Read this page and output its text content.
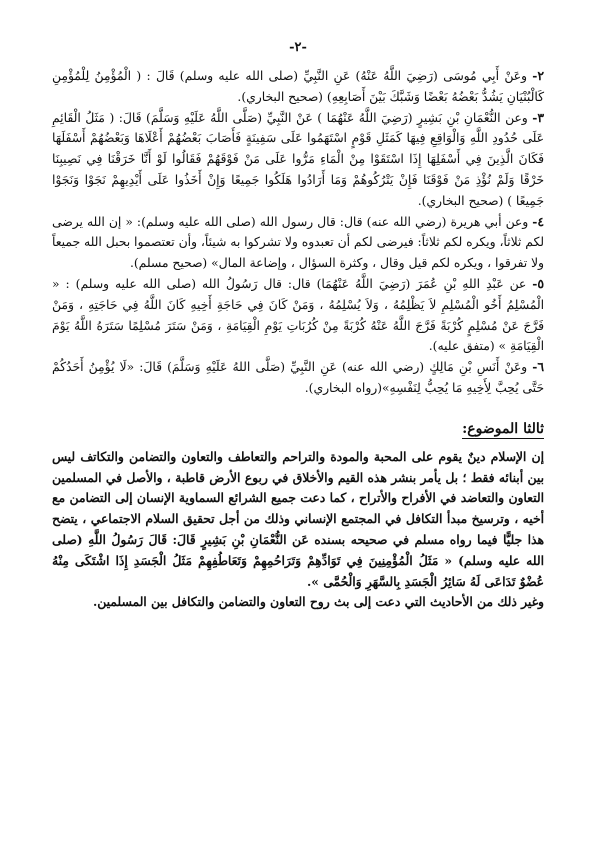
-٢-

٢- وعَنْ أَبِي مُوسَى (رَضِيَ اللَّهُ عَنْهُ) عَنِ النَّبِيِّ (صلى الله عليه وسلم) قَالَ : ( الْمُؤْمِنُ لِلْمُؤْمِنِ كَالْبُنْيَانِ يَشُدُّ بَعْضُهُ بَعْضًا وَشَبَّكَ بَيْنَ أَصَابِعِهِ) (صحيح البخاري).

٣- وعن النُّعْمَانِ بْنِ بَشِيرٍ (رَضِيَ اللَّهُ عَنْهُمَا ) عَنْ النَّبِيِّ (صَلَّى اللَّهُ عَلَيْهِ وَسَلَّمَ) قَالَ: ( مَثَلُ الْقَائِمِ عَلَى حُدُودِ اللَّهِ وَالْوَاقِعِ فِيهَا كَمَثَلِ قَوْمٍ اسْتَهَمُوا عَلَى سَفِينَةٍ فَأَصَابَ بَعْضُهُمْ أَعْلَاهَا وَبَعْضُهُمْ أَسْفَلَهَا فَكَانَ الَّذِينَ فِي أَسْفَلِهَا إِذَا اسْتَقَوْا مِنْ الْمَاءِ مَرُّوا عَلَى مَنْ فَوْقَهُمْ فَقَالُوا لَوْ أَنَّا خَرَقْنَا فِي نَصِيبِنَا خَرْقًا وَلَمْ نُؤْذِ مَنْ فَوْقَنَا فَإِنْ يَتْرُكُوهُمْ وَمَا أَرَادُوا هَلَكُوا جَمِيعًا وَإِنْ أَخَذُوا عَلَى أَيْدِيهِمْ نَجَوْا وَنَجَوْا جَمِيعًا ) (صحيح البخاري).

٤- وعن أبي هريرة (رضي الله عنه) قال: قال رسول الله (صلى الله عليه وسلم): « إن الله يرضى لكم ثلاثاً، ويكره لكم ثلاثاً: فيرضى لكم أن تعبدوه ولا تشركوا به شيئاً، وأن تعتصموا بحبل الله جميعاً ولا تفرقوا ، ويكره لكم قيل وقال ، وكثرة السؤال ، وإضاعة المال» (صحيح مسلم).

٥- عن عَبْدِ اللهِ بْنِ عُمَرَ (رَضِيَ اللَّهُ عَنْهُمَا) قال: قال رَسُولُ الله (صلى الله عليه وسلم) : « الْمُسْلِمُ أَخُو الْمُسْلِمِ لاَ يَظْلِمُهُ ، وَلاَ يُسْلِمُهُ ، وَمَنْ كَانَ فِي حَاجَةِ أَخِيهِ كَانَ اللَّهُ فِي حَاجَتِهِ ، وَمَنْ فَرَّجَ عَنْ مُسْلِمٍ كُرْبَةً فَرَّجَ اللَّهُ عَنْهُ كُرْبَةً مِنْ كُرُبَاتِ يَوْمِ الْقِيَامَةِ ، وَمَنْ سَتَرَ مُسْلِمًا سَتَرَهُ اللَّهُ يَوْمَ الْقِيَامَةِ » (متفق عليه).

٦- وعَنْ أَنَسِ بْنِ مَالِكٍ (رضي الله عنه) عَنِ النَّبِيِّ (صَلَّى اللهُ عَلَيْهِ وَسَلَّمَ) قَالَ: «لَا يُؤْمِنُ أَحَدُكُمْ حَتَّى يُحِبَّ لِأَخِيهِ مَا يُحِبُّ لِنَفْسِهِ»(رواه البخاري).

ثالثا الموضوع:

إن الإسلام دينٌ يقوم على المحبة والمودة والتراحم والتعاطف والتعاون والتضامن والتكاتف ليس بين أبنائه فقط ؛ بل يأمر بنشر هذه القيم والأخلاق في ربوع الأرض قاطبة ، والأصل في المسلمين التعاون والتعاضد في الأفراح والأتراح ، كما دعت جميع الشرائع السماوية الإنسان إلى التضامن مع أخيه ، وترسيخ مبدأ التكافل في المجتمع الإنساني وذلك من أجل تحقيق السلام الاجتماعي ، يتضح هذا جليًّا فيما رواه مسلم في صحيحه بسنده عَن النُّعْمَانِ بْنِ بَشِيرٍ قَالَ: قَالَ رَسُولُ اللَّهِ (صلى الله عليه وسلم) « مَثَلُ الْمُؤْمِنِينَ فِي تَوَادِّهِمْ وَتَرَاحُمِهِمْ وَتَعَاطُفِهِمْ مَثَلُ الْجَسَدِ إِذَا اشْتَكَى مِنْهُ عُضْوٌ تَدَاعَى لَهُ سَائِرُ الْجَسَدِ بِالسَّهَرِ وَالْحُمَّى ».

وغير ذلك من الأحاديث التي دعت إلى بث روح التعاون والتضامن والتكافل بين المسلمين.
